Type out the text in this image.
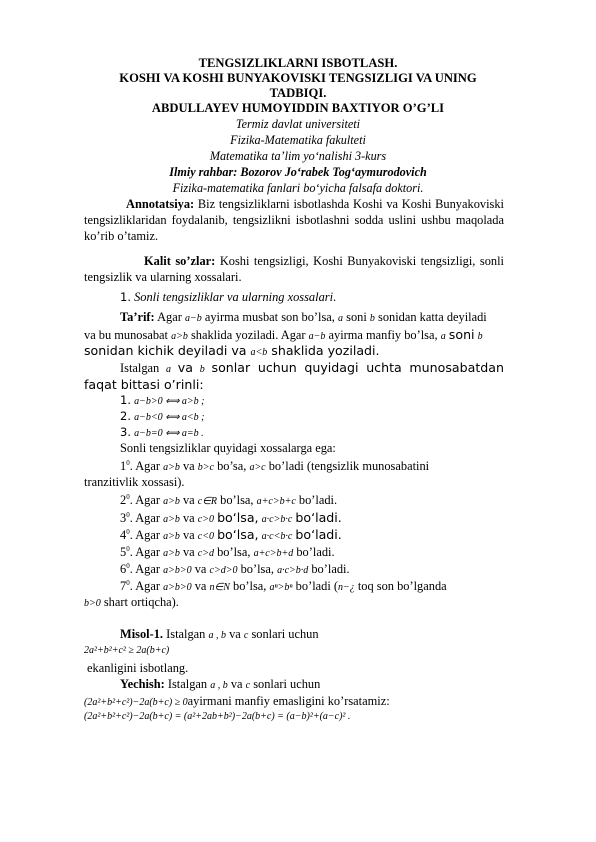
TENGSIZLIKLARNI ISBOTLASH.
KOSHI VA KOSHI BUNYAKOVISKI TENGSIZLIGI VA UNING
TADBIQI.
ABDULLAYEV HUMOYIDDIN BAXTIYOR O’G’LI
Termiz davlat universiteti
Fizika-Matematika fakulteti
Matematika ta’lim yo‘nalishi 3-kurs
Ilmiy rahbar: Bozorov Jo‘rabek Tog‘aymurodovich
Fizika-matematika fanlari bo‘yicha falsafa doktori.
Annotatsiya: Biz tengsizliklarni isbotlashda Koshi va Koshi Bunyakoviski
tengsizliklaridan foydalanib, tengsizlikni isbotlashni sodda uslini ushbu maqolada
ko’rib o’tamiz.
Kalit so’zlar: Koshi tengsizligi, Koshi Bunyakoviski tengsizligi, sonli
tengsizlik va ularning xossalari.
1. Sonli tengsizliklar va ularning xossalari.
Ta’rif: Agar a−b ayirma musbat son bo’lsa, a soni b sonidan katta deyiladi
va bu munosabat a>b shaklida yoziladi. Agar a−b ayirma manfiy bo’lsa, a soni b
sonidan kichik deyiladi va a<b shaklida yoziladi.
Istalgan a va b sonlar uchun quyidagi uchta munosabatdan
faqat bittasi o’rinli:
1. a−b>0 ⟺ a>b ;
2. a−b<0 ⟺ a<b ;
3. a−b=0 ⟺ a=b .
Sonli tengsizliklar quyidagi xossalarga ega:
$1^0$. Agar a>b va b>c bo’sa, a>c bo’ladi (tengsizlik munosabatini
tranzitivlik xossasi).
$2^0$. Agar a>b va c∈R bo’lsa, a+c>b+c bo’ladi.
$3^0$. Agar a>b va c>0 bo‘lsa, a·c>b·c bo‘ladi.
$4^0$. Agar a>b va c<0 bo‘lsa, a·c<b·c bo‘ladi.
$5^0$. Agar a>b va c>d bo’lsa, a+c>b+d bo’ladi.
$6^0$. Agar a>b>0 va c>d>0 bo’lsa, a·c>b·d bo’ladi.
$7^0$. Agar a>b>0 va n∈N bo’lsa, aⁿ>bⁿ bo’ladi (n−¿ toq son bo’lganda
b>0 shart ortiqcha).
Misol-1. Istalgan a , b va c sonlari uchun
2a²+b²+c² ≥ 2a(b+c)
ekanligini isbotlang.
Yechish: Istalgan a , b va c sonlari uchun
(2a²+b²+c²)−2a(b+c) ≥ 0ayirmani manfiy emasligini ko’rsatamiz:
(2a²+b²+c²)−2a(b+c) = (a²+2ab+b²)−2a(b+c) = (a−b)²+(a−c)² .
